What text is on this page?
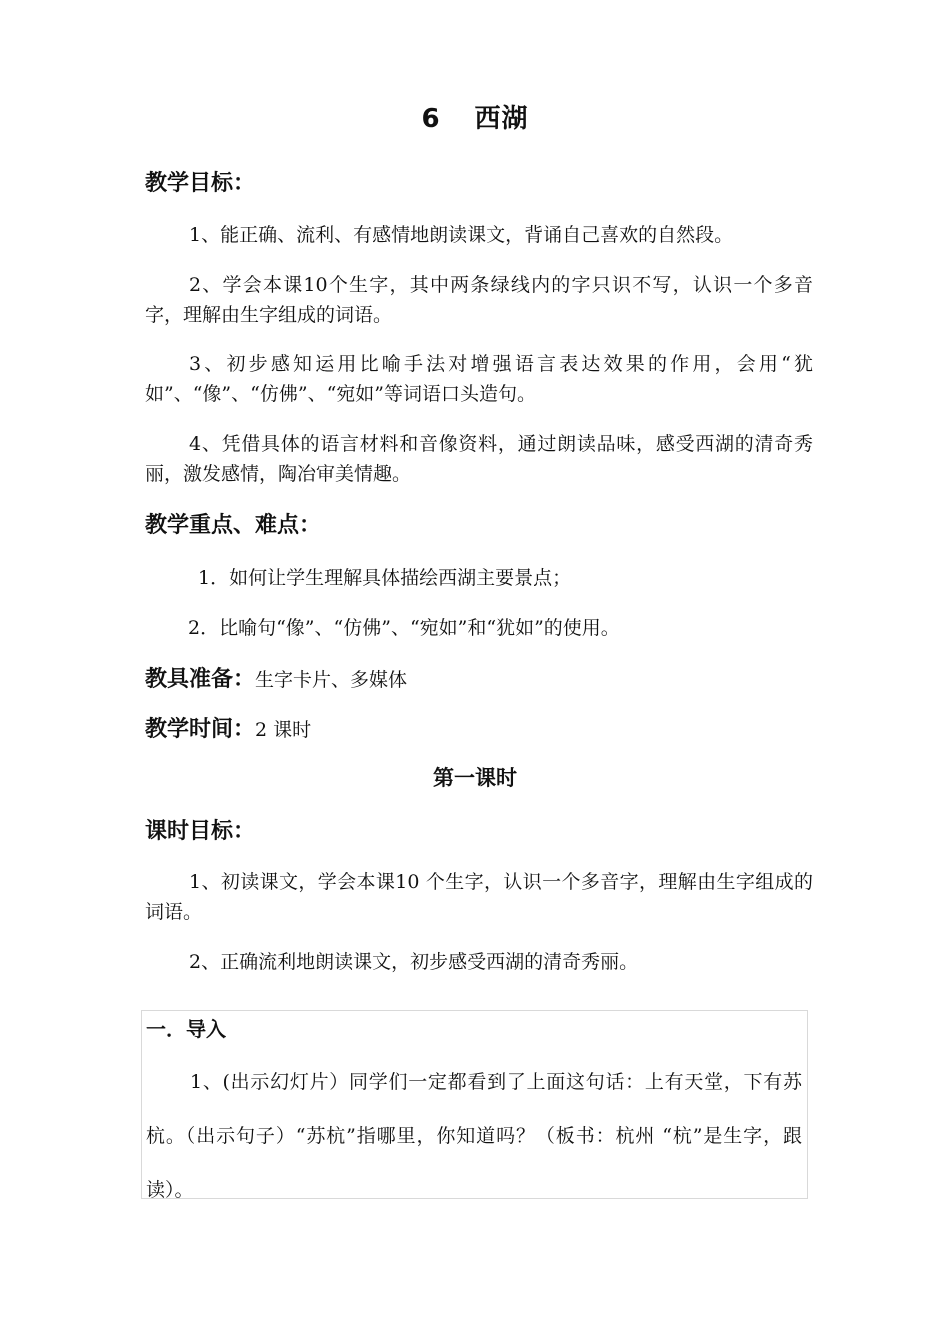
6 西湖
教学目标：
1、能正确、流利、有感情地朗读课文，背诵自己喜欢的自然段。
2、学会本课10个生字，其中两条绿线内的字只识不写，认识一个多音字，理解由生字组成的词语。
3、初步感知运用比喻手法对增强语言表达效果的作用，会用“犹如”、“像”、“仿佛”、“宛如”等词语口头造句。
4、凭借具体的语言材料和音像资料，通过朗读品味，感受西湖的清奇秀丽，激发感情，陶冶审美情趣。
教学重点、难点：
1．如何让学生理解具体描绘西湖主要景点；
2．比喻句“像”、“仿佛”、“宛如”和“犹如”的使用。
教具准备：生字卡片、多媒体
教学时间：2 课时
第一课时
课时目标：
1、初读课文，学会本课10 个生字，认识一个多音字，理解由生字组成的词语。
2、正确流利地朗读课文，初步感受西湖的清奇秀丽。
一．导入
1、(出示幻灯片）同学们一定都看到了上面这句话：上有天堂，下有苏杭。（出示句子）“苏杭”指哪里，你知道吗？（板书：杭州 “杭”是生字，跟读）。
